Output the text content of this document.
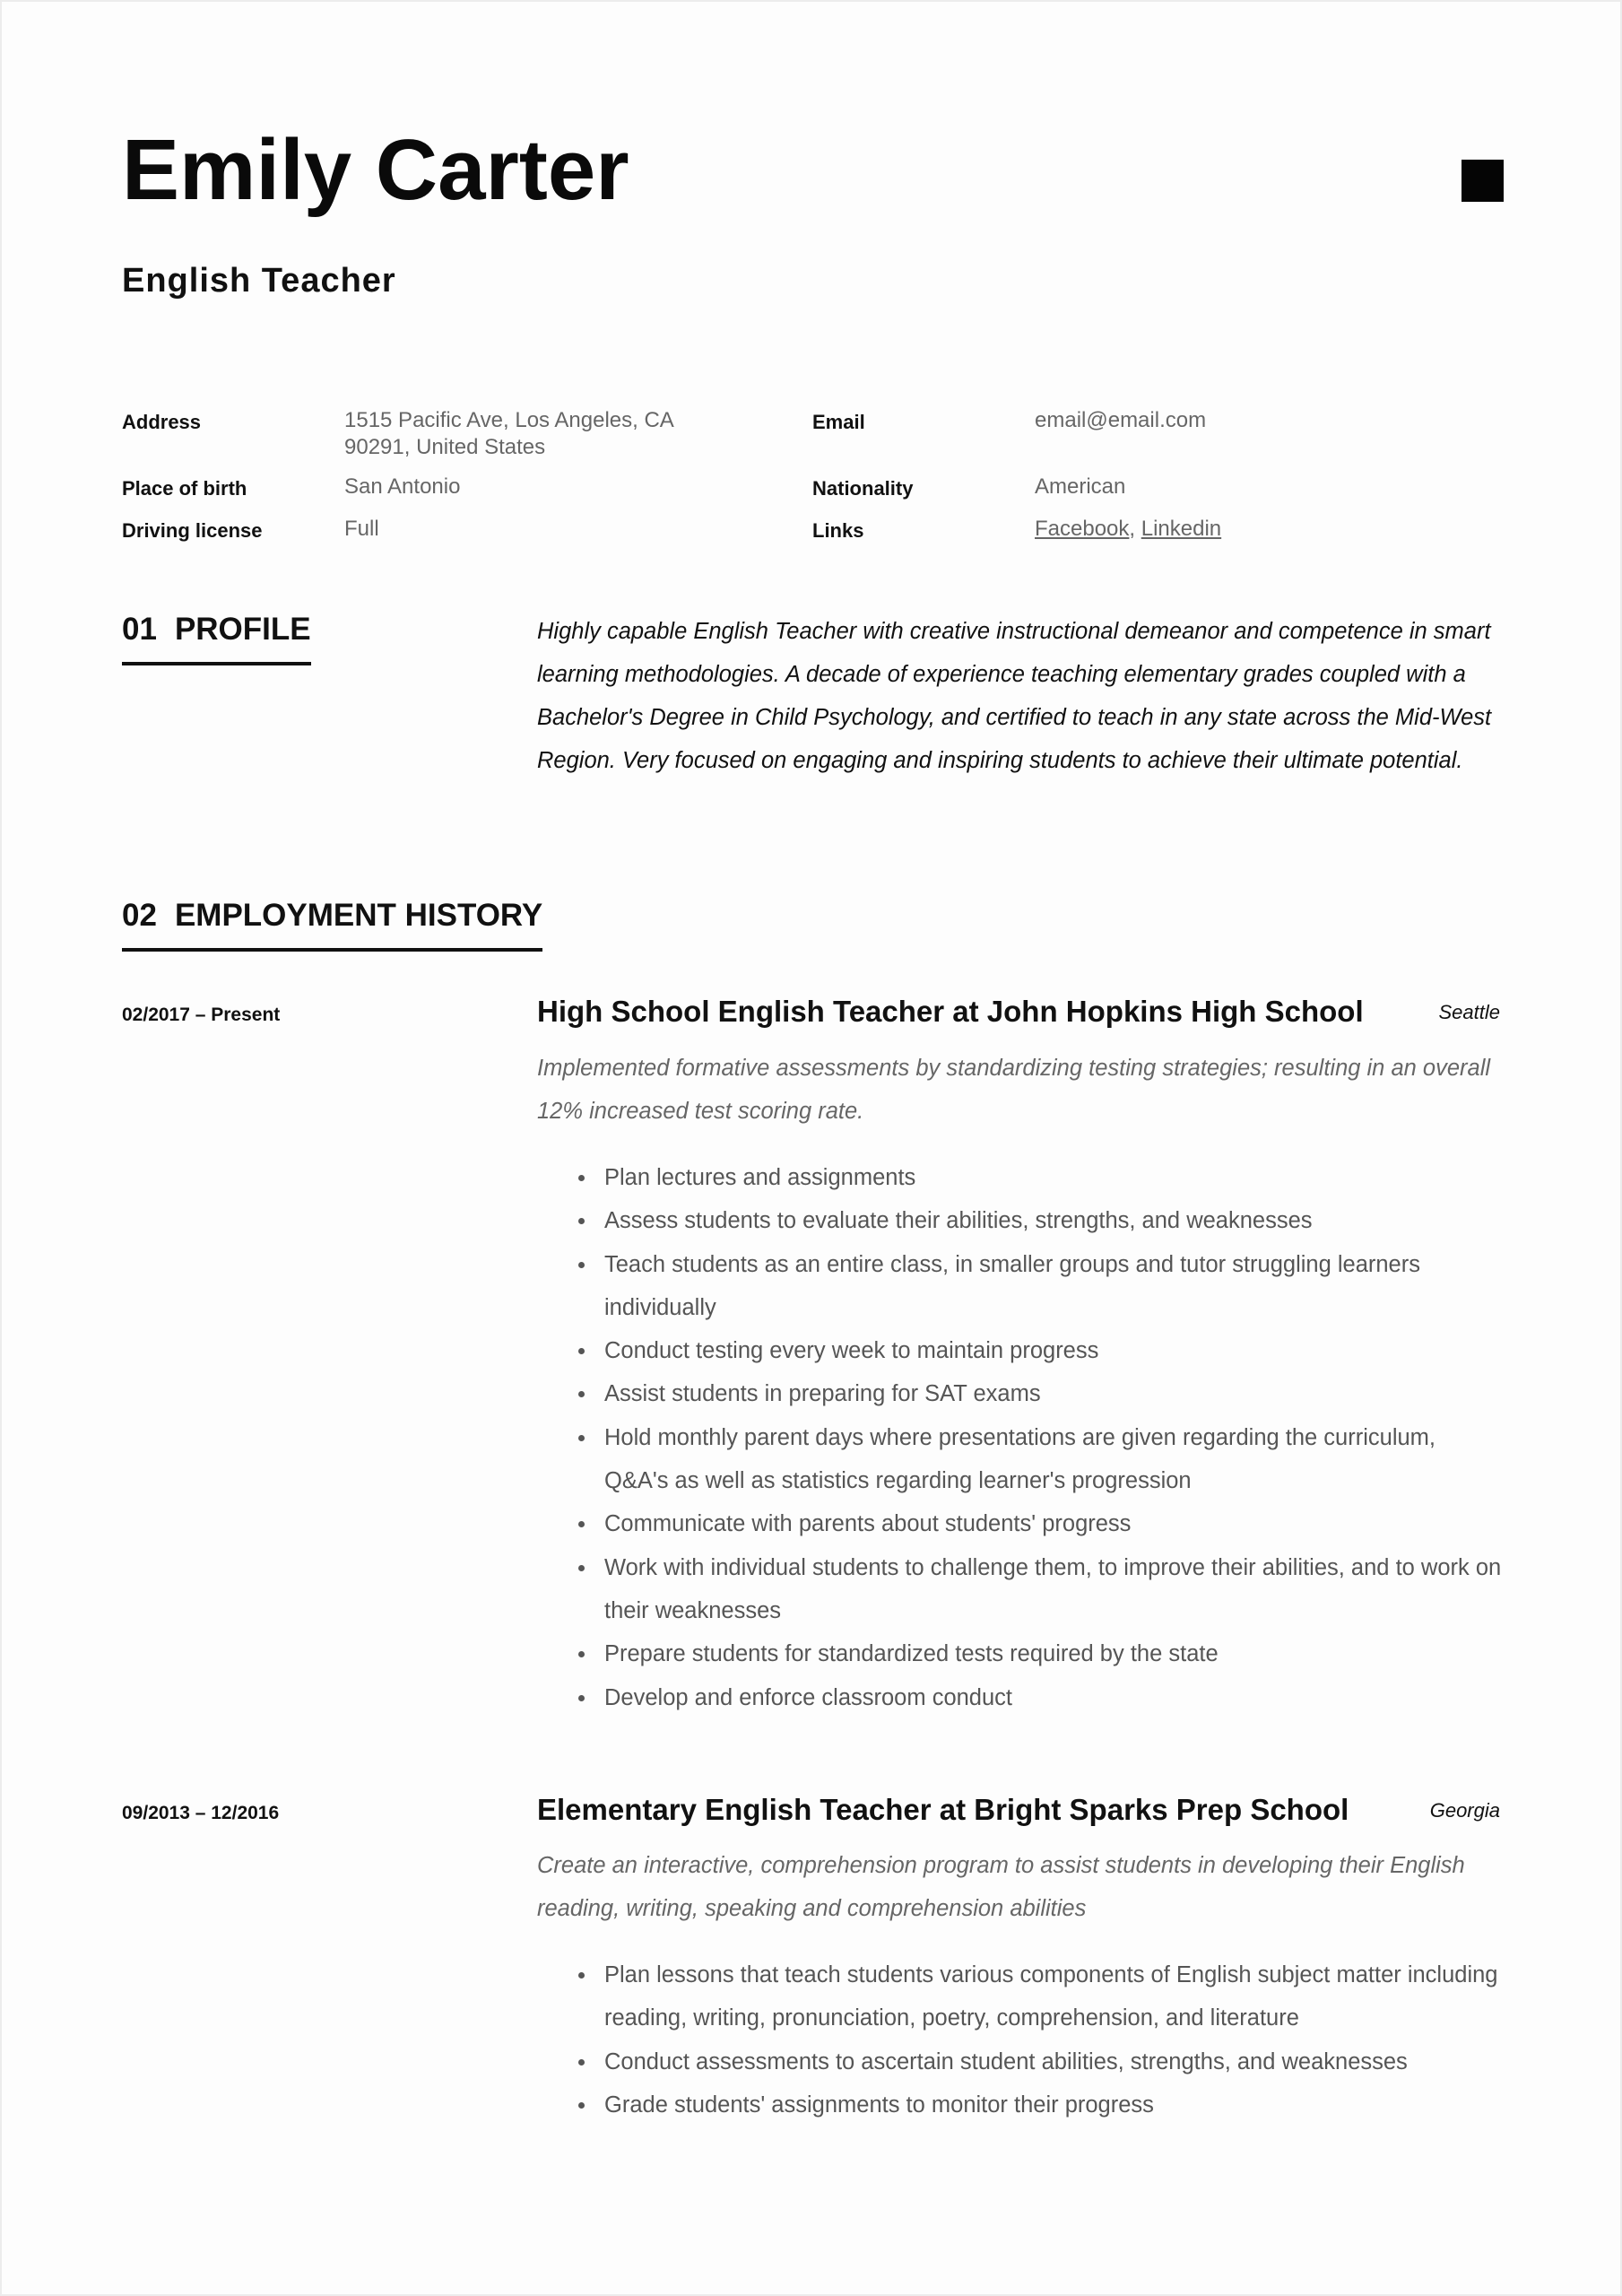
Emily Carter
English Teacher
Address	1515 Pacific Ave, Los Angeles, CA 90291, United States
Email	email@email.com
Place of birth	San Antonio	Nationality	American
Driving license	Full	Links	Facebook, Linkedin
01 PROFILE	Highly capable English Teacher with creative instructional demeanor and competence in smart learning methodologies. A decade of experience teaching elementary grades coupled with a Bachelor's Degree in Child Psychology, and certified to teach in any state across the Mid-West Region. Very focused on engaging and inspiring students to achieve their ultimate potential.
02 EMPLOYMENT HISTORY
02/2017 – Present	High School English Teacher at John Hopkins High School	Seattle
Implemented formative assessments by standardizing testing strategies; resulting in an overall 12% increased test scoring rate.
Plan lectures and assignments
Assess students to evaluate their abilities, strengths, and weaknesses
Teach students as an entire class, in smaller groups and tutor struggling learners individually
Conduct testing every week to maintain progress
Assist students in preparing for SAT exams
Hold monthly parent days where presentations are given regarding the curriculum, Q&A's as well as statistics regarding learner's progression
Communicate with parents about students' progress
Work with individual students to challenge them, to improve their abilities, and to work on their weaknesses
Prepare students for standardized tests required by the state
Develop and enforce classroom conduct
09/2013 – 12/2016	Elementary English Teacher at Bright Sparks Prep School	Georgia
Create an interactive, comprehension program to assist students in developing their English reading, writing, speaking and comprehension abilities
Plan lessons that teach students various components of English subject matter including reading, writing, pronunciation, poetry, comprehension, and literature
Conduct assessments to ascertain student abilities, strengths, and weaknesses
Grade students' assignments to monitor their progress
